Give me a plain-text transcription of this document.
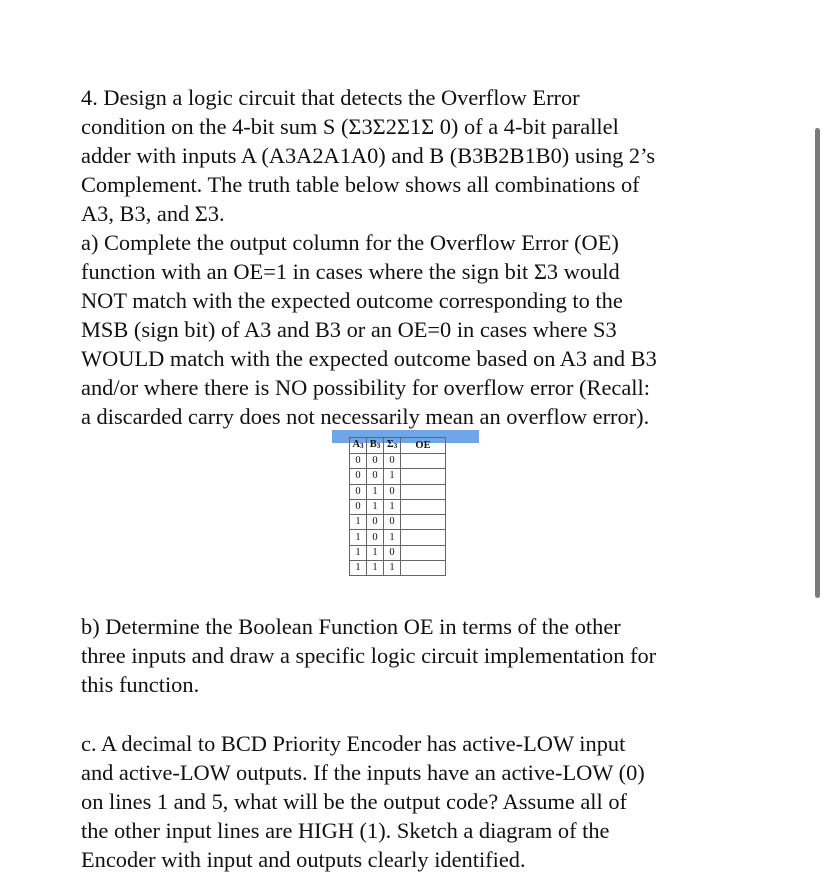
4. Design a logic circuit that detects the Overflow Error
condition on the 4-bit sum S (Σ3Σ2Σ1Σ 0) of a 4-bit parallel
adder with inputs A (A3A2A1A0) and B (B3B2B1B0) using 2’s
Complement. The truth table below shows all combinations of
A3, B3, and Σ3.
a) Complete the output column for the Overflow Error (OE)
function with an OE=1 in cases where the sign bit Σ3 would
NOT match with the expected outcome corresponding to the
MSB (sign bit) of A3 and B3 or an OE=0 in cases where S3
WOULD match with the expected outcome based on A3 and B3
and/or where there is NO possibility for overflow error (Recall:
a discarded carry does not necessarily mean an overflow error).
A3	B3	Σ3	OE
0	0	0	
0	0	1	
0	1	0	
0	1	1	
1	0	0	
1	0	1	
1	1	0	
1	1	1	
b) Determine the Boolean Function OE in terms of the other
three inputs and draw a specific logic circuit implementation for
this function.
c. A decimal to BCD Priority Encoder has active-LOW input
and active-LOW outputs. If the inputs have an active-LOW (0)
on lines 1 and 5, what will be the output code? Assume all of
the other input lines are HIGH (1). Sketch a diagram of the
Encoder with input and outputs clearly identified.
